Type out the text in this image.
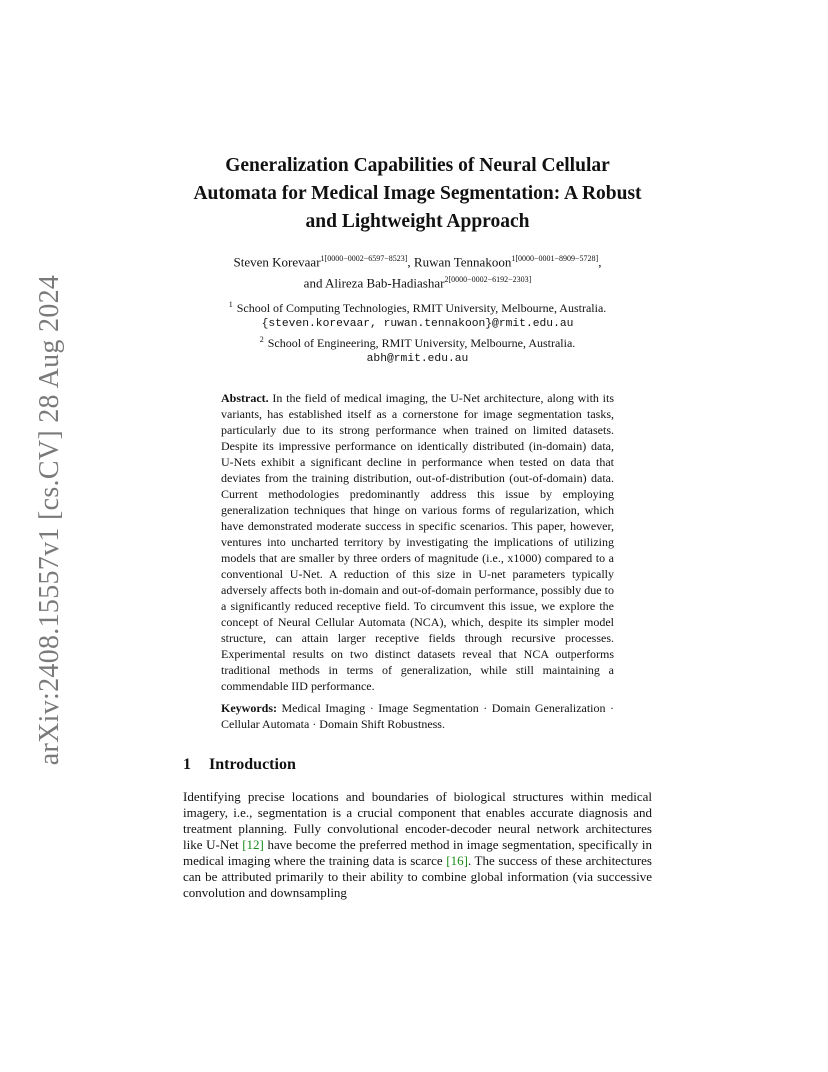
arXiv:2408.15557v1 [cs.CV] 28 Aug 2024
Generalization Capabilities of Neural Cellular Automata for Medical Image Segmentation: A Robust and Lightweight Approach
Steven Korevaar$^{1[0000-0002-6597-8523]}$, Ruwan Tennakoon$^{1[0000-0001-8909-5728]}$,
and Alireza Bab-Hadiashar$^{2[0000-0002-6192-2303]}$
$^1$ School of Computing Technologies, RMIT University, Melbourne, Australia.
{steven.korevaar, ruwan.tennakoon}@rmit.edu.au
$^2$ School of Engineering, RMIT University, Melbourne, Australia.
abh@rmit.edu.au

Abstract. In the field of medical imaging, the U-Net architecture, along with its variants, has established itself as a cornerstone for image segmentation tasks, particularly due to its strong performance when trained on limited datasets. Despite its impressive performance on identically distributed (in-domain) data, U-Nets exhibit a significant decline in performance when tested on data that deviates from the training distribution, out-of-distribution (out-of-domain) data. Current methodologies predominantly address this issue by employing generalization techniques that hinge on various forms of regularization, which have demonstrated moderate success in specific scenarios. This paper, however, ventures into uncharted territory by investigating the implications of utilizing models that are smaller by three orders of magnitude (i.e., x1000) compared to a conventional U-Net. A reduction of this size in U-net parameters typically adversely affects both in-domain and out-of-domain performance, possibly due to a significantly reduced receptive field. To circumvent this issue, we explore the concept of Neural Cellular Automata (NCA), which, despite its simpler model structure, can attain larger receptive fields through recursive processes. Experimental results on two distinct datasets reveal that NCA outperforms traditional methods in terms of generalization, while still maintaining a commendable IID performance.

Keywords: Medical Imaging · Image Segmentation · Domain Generalization · Cellular Automata · Domain Shift Robustness.

1 Introduction

Identifying precise locations and boundaries of biological structures within medical imagery, i.e., segmentation is a crucial component that enables accurate diagnosis and treatment planning. Fully convolutional encoder-decoder neural network architectures like U-Net [12] have become the preferred method in image segmentation, specifically in medical imaging where the training data is scarce [16]. The success of these architectures can be attributed primarily to their ability to combine global information (via successive convolution and downsampling
